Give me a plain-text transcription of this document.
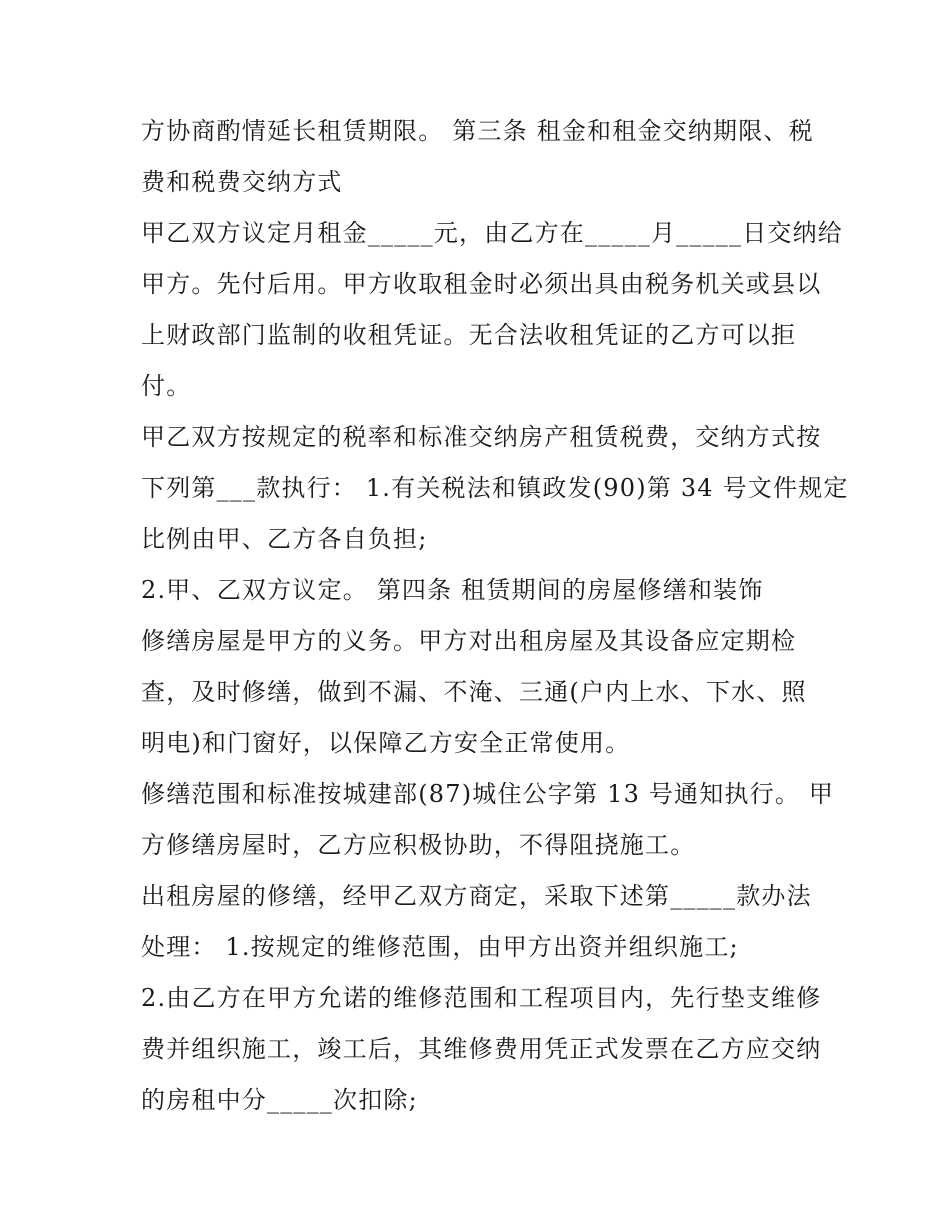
方协商酌情延长租赁期限。 第三条 租金和租金交纳期限、税
费和税费交纳方式
甲乙双方议定月租金_____元，由乙方在_____月_____日交纳给
甲方。先付后用。甲方收取租金时必须出具由税务机关或县以
上财政部门监制的收租凭证。无合法收租凭证的乙方可以拒
付。
甲乙双方按规定的税率和标准交纳房产租赁税费，交纳方式按
下列第___款执行： 1.有关税法和镇政发(90)第 34 号文件规定
比例由甲、乙方各自负担;
2.甲、乙双方议定。 第四条 租赁期间的房屋修缮和装饰
修缮房屋是甲方的义务。甲方对出租房屋及其设备应定期检
查，及时修缮，做到不漏、不淹、三通(户内上水、下水、照
明电)和门窗好，以保障乙方安全正常使用。
修缮范围和标准按城建部(87)城住公字第 13 号通知执行。 甲
方修缮房屋时，乙方应积极协助，不得阻挠施工。
出租房屋的修缮，经甲乙双方商定，采取下述第_____款办法
处理： 1.按规定的维修范围，由甲方出资并组织施工;
2.由乙方在甲方允诺的维修范围和工程项目内，先行垫支维修
费并组织施工，竣工后，其维修费用凭正式发票在乙方应交纳
的房租中分_____次扣除;
